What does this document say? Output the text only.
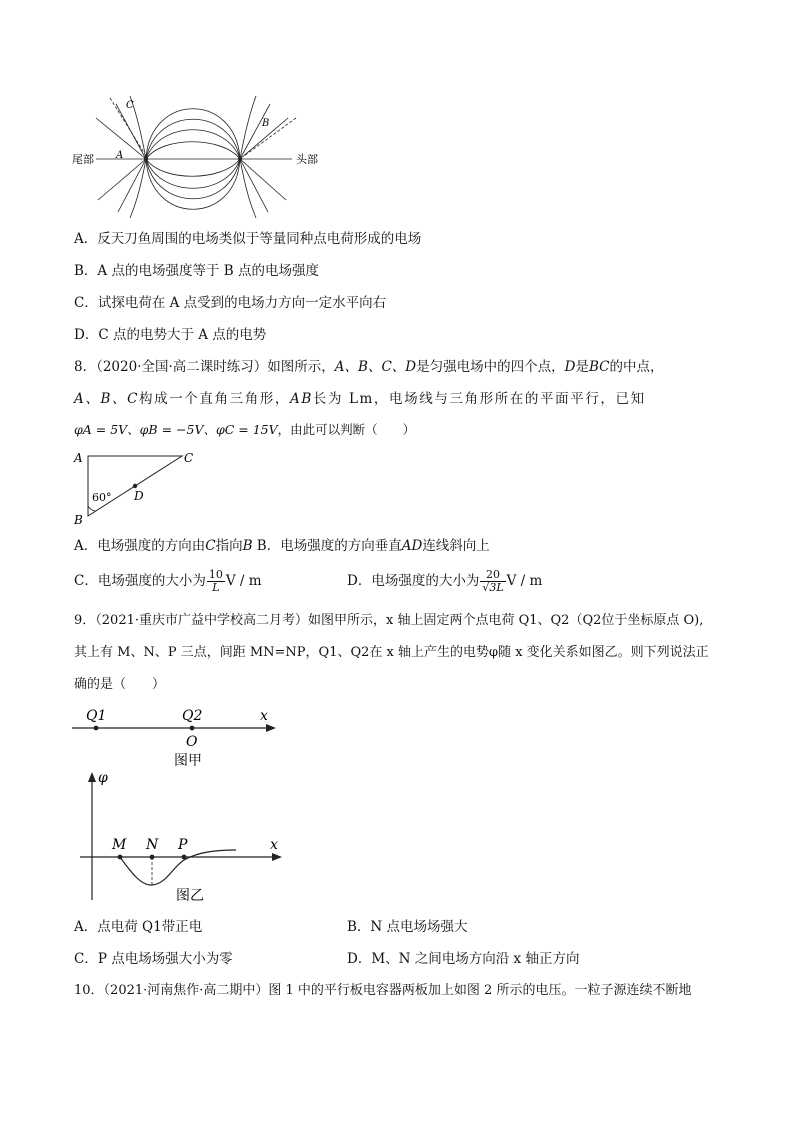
尾部	头部
A
B
C
A．反天刀鱼周围的电场类似于等量同种点电荷形成的电场
B．A 点的电场强度等于 B 点的电场强度
C．试探电荷在 A 点受到的电场力方向一定水平向右
D．C 点的电势大于 A 点的电势
8．（2020·全国·高二课时练习）如图所示，A、B、C、D是匀强电场中的四个点，D是BC的中点，
A、B、C构成一个直角三角形，AB长为 Lm，电场线与三角形所在的平面平行，已知
φA = 5V、φB = −5V、φC = 15V，由此可以判断（　　）
A
B
C
D
60°
A．电场强度的方向由C指向B B．电场强度的方向垂直AD连线斜向上
C．电场强度的大小为 $\frac{10}{L}$ V / m	D．电场强度的大小为 $\frac{20}{√3L}$ V / m
9．（2021·重庆市广益中学校高二月考）如图甲所示，x 轴上固定两个点电荷 Q1、Q2（Q2位于坐标原点 O),
其上有 M、N、P 三点，间距 MN=NP，Q1、Q2在 x 轴上产生的电势φ随 x 变化关系如图乙。则下列说法正
确的是（　　）
Q1	Q2	x
O
图甲
φ
M N P	x
图乙
A．点电荷 Q1带正电	B．N 点电场场强大
C．P 点电场场强大小为零	D．M、N 之间电场方向沿 x 轴正方向
10．（2021·河南焦作·高二期中）图 1 中的平行板电容器两板加上如图 2 所示的电压。一粒子源连续不断地
